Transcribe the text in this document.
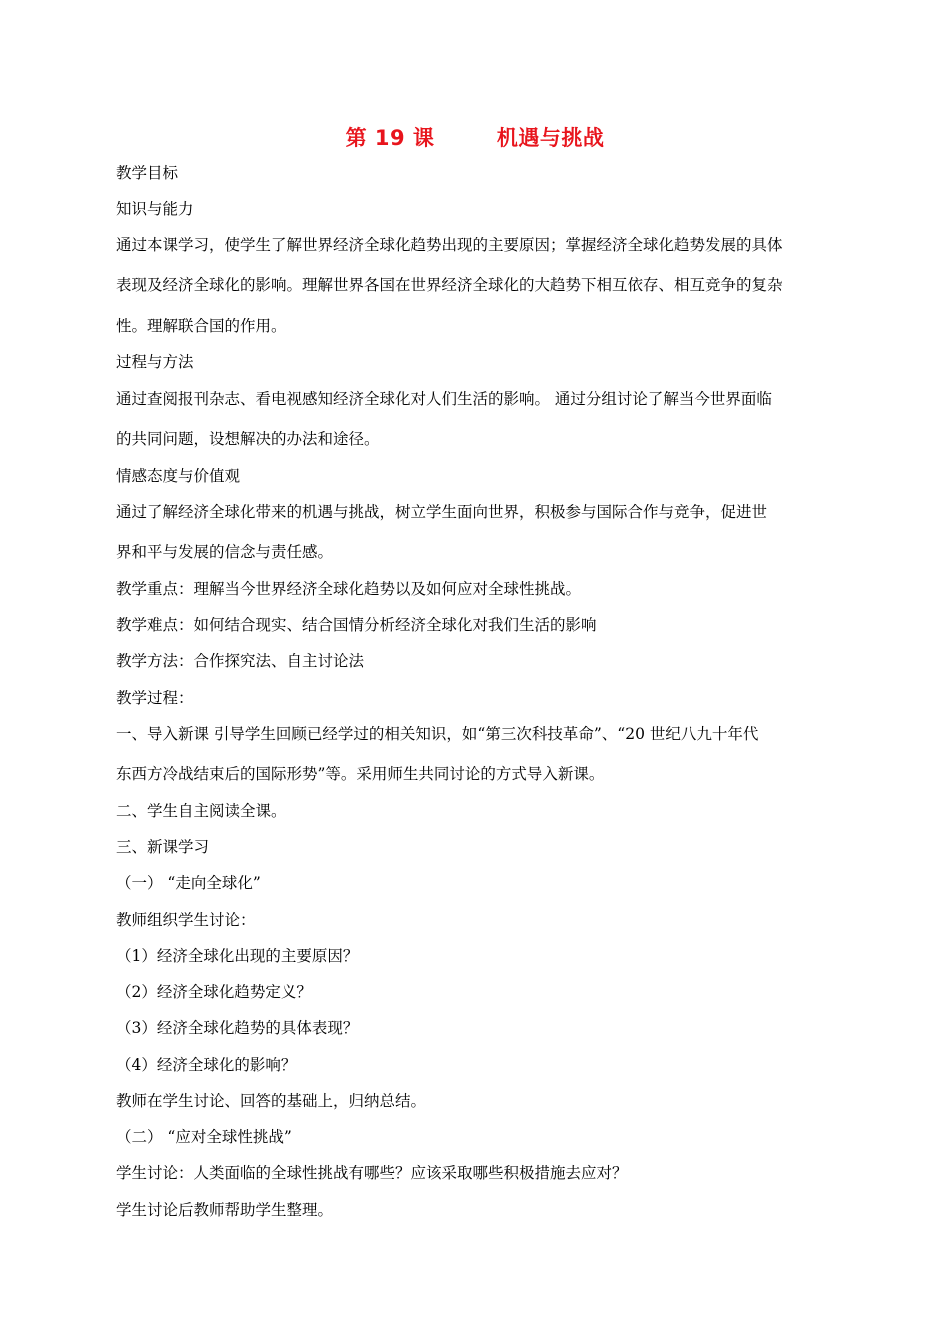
第 19 课        机遇与挑战
教学目标
知识与能力
通过本课学习，使学生了解世界经济全球化趋势出现的主要原因；掌握经济全球化趋势发展的具体
表现及经济全球化的影响。理解世界各国在世界经济全球化的大趋势下相互依存、相互竞争的复杂
性。理解联合国的作用。
过程与方法
通过查阅报刊杂志、看电视感知经济全球化对人们生活的影响。 通过分组讨论了解当今世界面临
的共同问题，设想解决的办法和途径。
情感态度与价值观
通过了解经济全球化带来的机遇与挑战，树立学生面向世界，积极参与国际合作与竞争，促进世
界和平与发展的信念与责任感。
教学重点：理解当今世界经济全球化趋势以及如何应对全球性挑战。
教学难点：如何结合现实、结合国情分析经济全球化对我们生活的影响
教学方法：合作探究法、自主讨论法
教学过程：
一、导入新课 引导学生回顾已经学过的相关知识，如“第三次科技革命”、“20 世纪八九十年代
东西方冷战结束后的国际形势”等。采用师生共同讨论的方式导入新课。
二、学生自主阅读全课。
三、新课学习
（一） “走向全球化”
教师组织学生讨论：
（1）经济全球化出现的主要原因？
（2）经济全球化趋势定义？
（3）经济全球化趋势的具体表现？
（4）经济全球化的影响？
教师在学生讨论、回答的基础上，归纳总结。
（二） “应对全球性挑战”
学生讨论：人类面临的全球性挑战有哪些？应该采取哪些积极措施去应对？
学生讨论后教师帮助学生整理。
